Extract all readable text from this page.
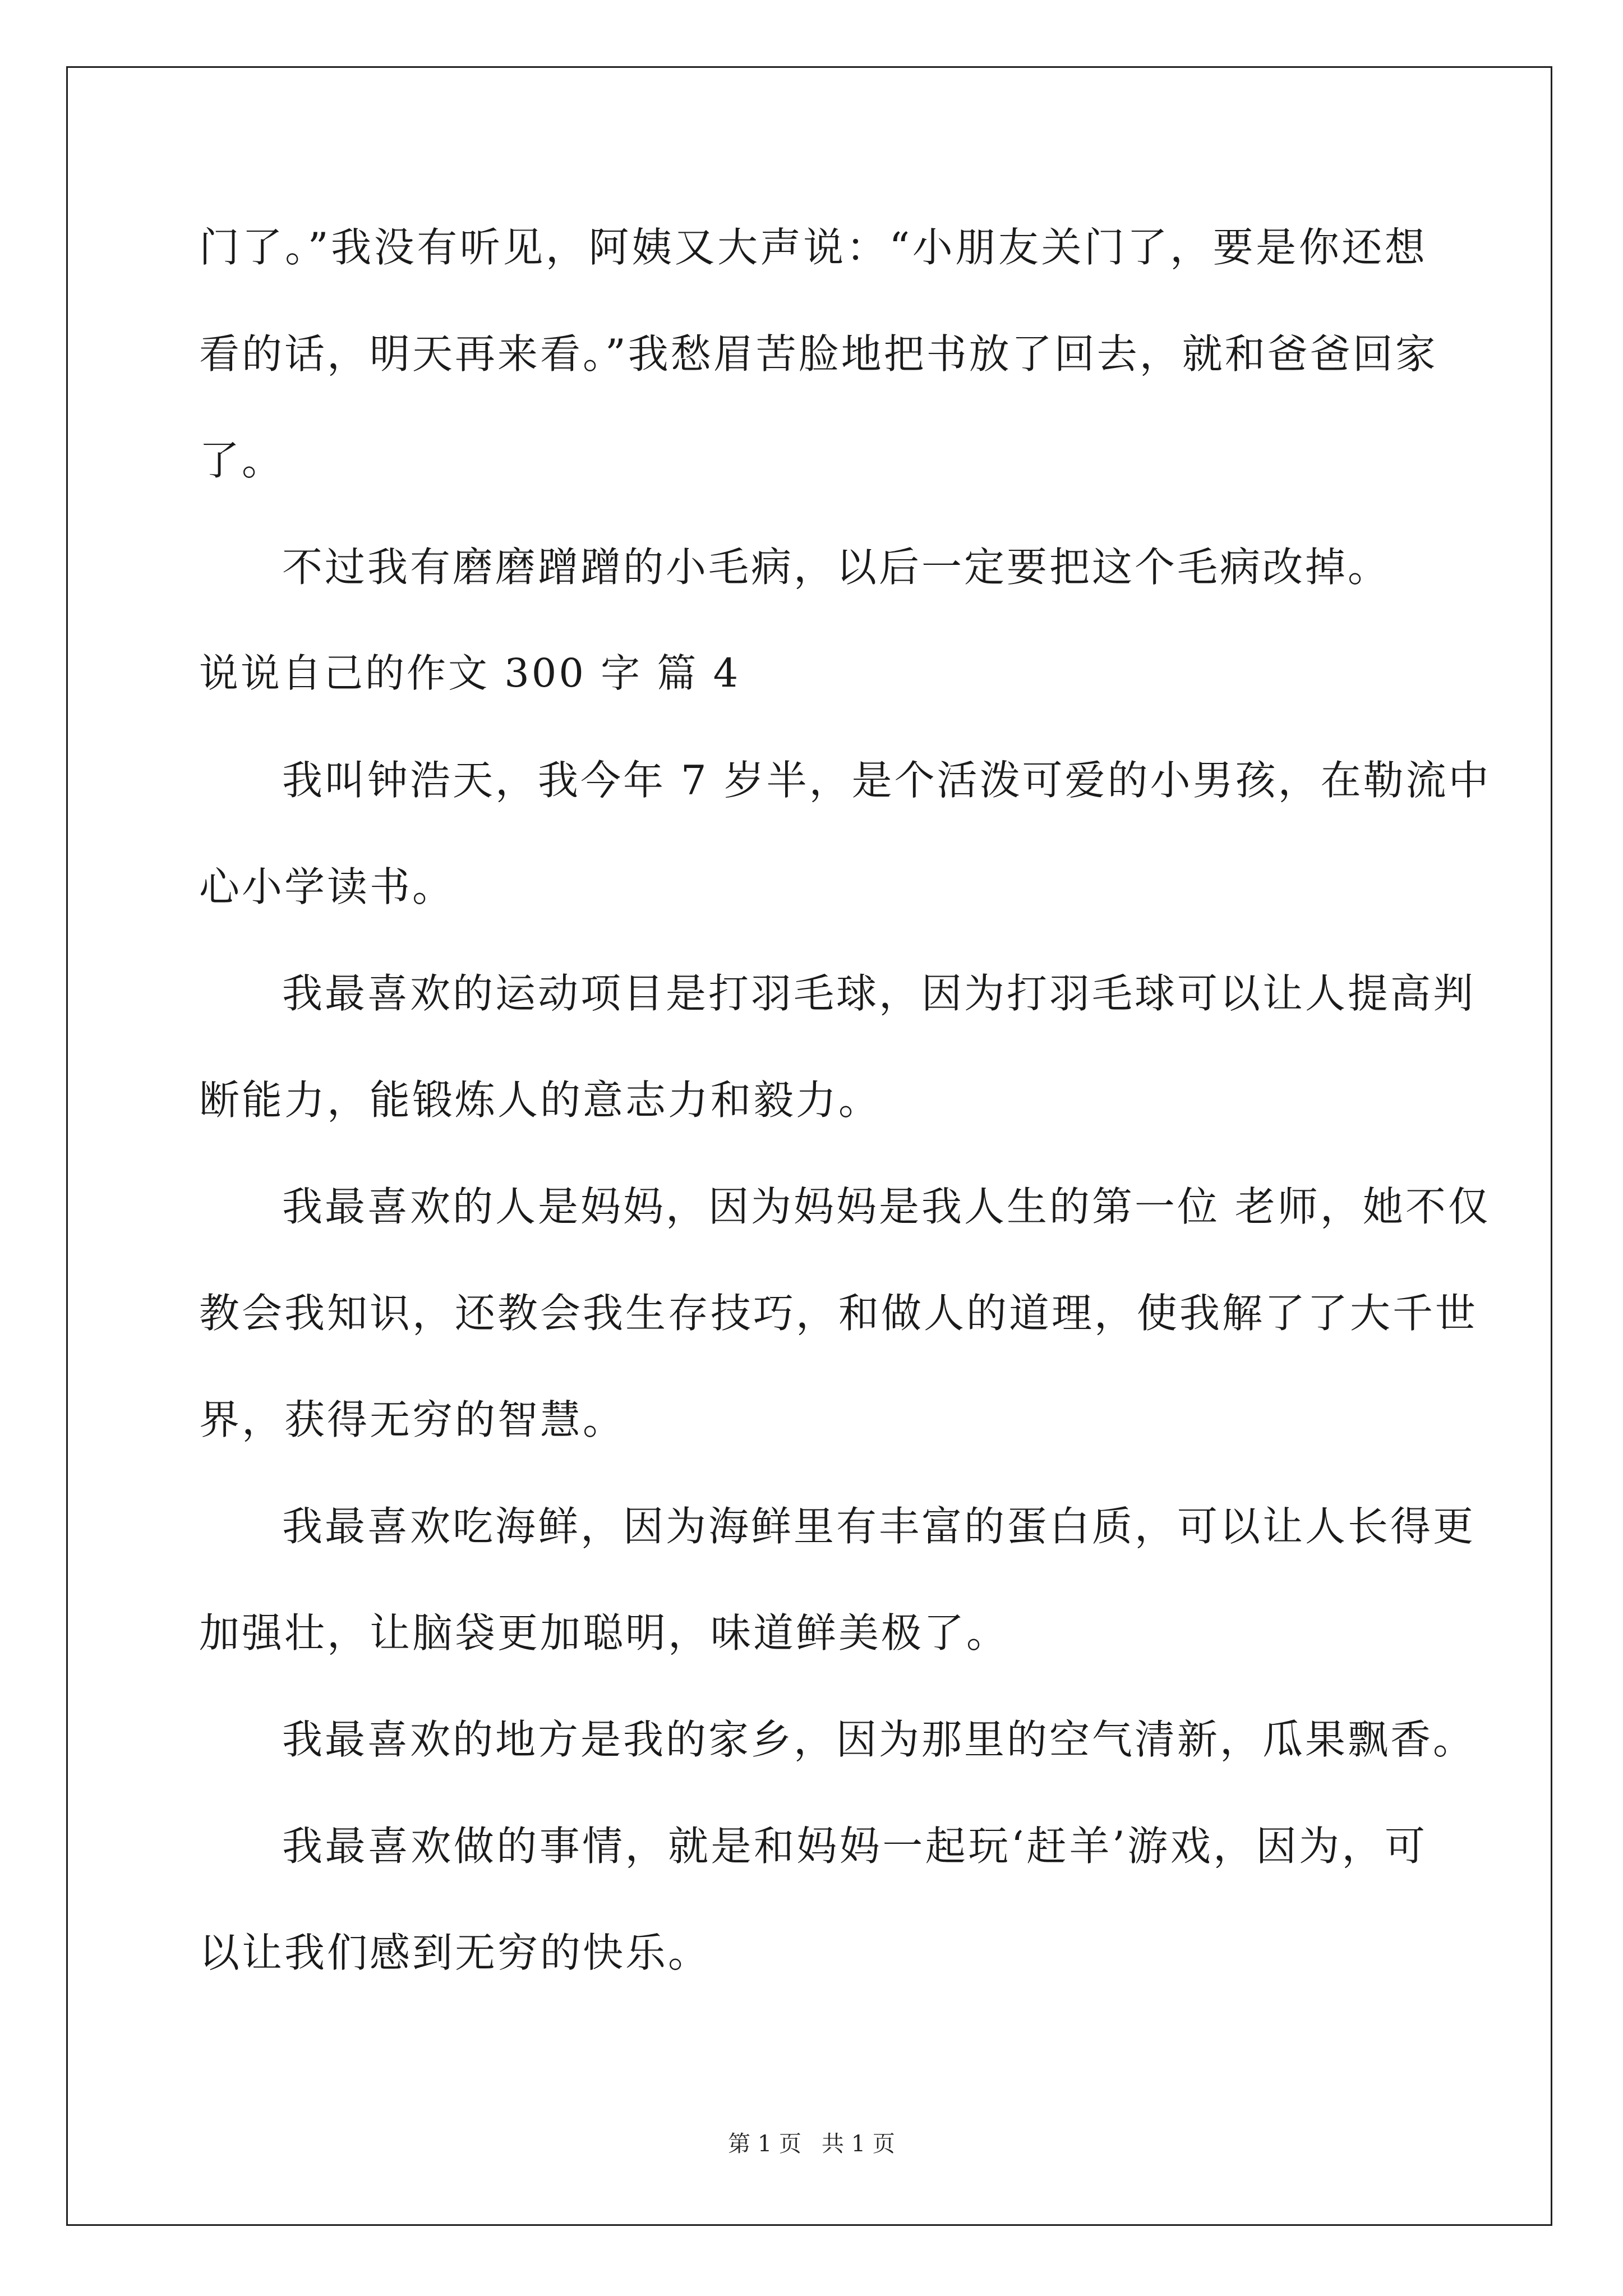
门了。”我没有听见，阿姨又大声说：“小朋友关门了，要是你还想
看的话，明天再来看。”我愁眉苦脸地把书放了回去，就和爸爸回家
了。
不过我有磨磨蹭蹭的小毛病，以后一定要把这个毛病改掉。
说说自己的作文 300 字 篇 4
我叫钟浩天，我今年 7 岁半，是个活泼可爱的小男孩，在勒流中
心小学读书。
我最喜欢的运动项目是打羽毛球，因为打羽毛球可以让人提高判
断能力，能锻炼人的意志力和毅力。
我最喜欢的人是妈妈，因为妈妈是我人生的第一位 老师，她不仅
教会我知识，还教会我生存技巧，和做人的道理，使我解了了大千世
界，获得无穷的智慧。
我最喜欢吃海鲜，因为海鲜里有丰富的蛋白质，可以让人长得更
加强壮，让脑袋更加聪明，味道鲜美极了。
我最喜欢的地方是我的家乡，因为那里的空气清新，瓜果飘香。
我最喜欢做的事情，就是和妈妈一起玩‘赶羊’游戏，因为，可
以让我们感到无穷的快乐。
第 1 页 共 1 页
